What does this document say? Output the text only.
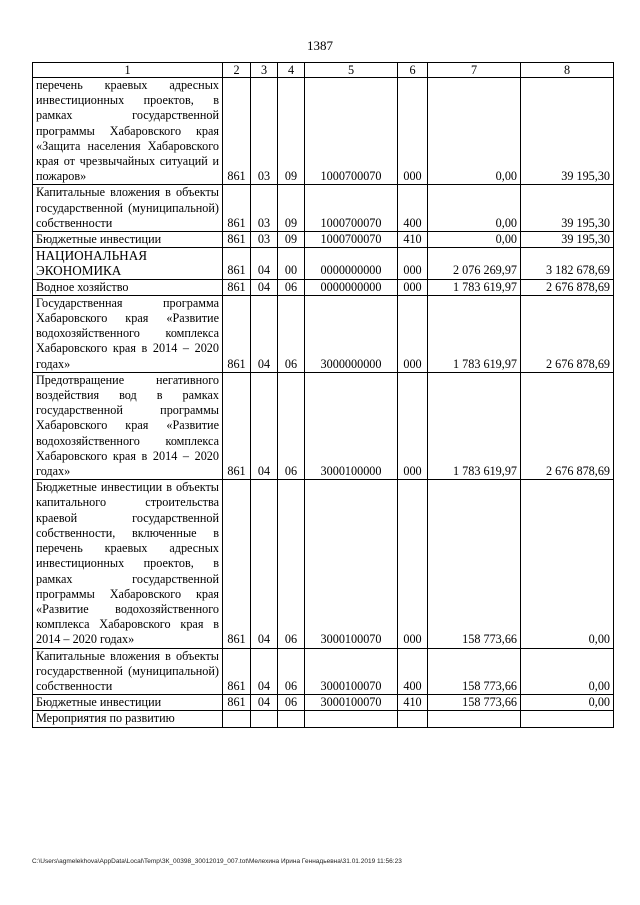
1387
1	2	3	4	5	6	7	8
перечень краевых адресных инвестиционных проектов, в рамках государственной программы Хабаровского края «Защита населения Хабаровского края от чрезвычайных ситуаций и пожаров»	861	03	09	1000700070	000	0,00	39 195,30
Капитальные вложения в объекты государственной (муниципальной) собственности	861	03	09	1000700070	400	0,00	39 195,30
Бюджетные инвестиции	861	03	09	1000700070	410	0,00	39 195,30
НАЦИОНАЛЬНАЯ ЭКОНОМИКА	861	04	00	0000000000	000	2 076 269,97	3 182 678,69
Водное хозяйство	861	04	06	0000000000	000	1 783 619,97	2 676 878,69
Государственная программа Хабаровского края «Развитие водохозяйственного комплекса Хабаровского края в 2014 – 2020 годах»	861	04	06	3000000000	000	1 783 619,97	2 676 878,69
Предотвращение негативного воздействия вод в рамках государственной программы Хабаровского края «Развитие водохозяйственного комплекса Хабаровского края в 2014 – 2020 годах»	861	04	06	3000100000	000	1 783 619,97	2 676 878,69
Бюджетные инвестиции в объекты капитального строительства краевой государственной собственности, включенные в перечень краевых адресных инвестиционных проектов, в рамках государственной программы Хабаровского края «Развитие водохозяйственного комплекса Хабаровского края в 2014 – 2020 годах»	861	04	06	3000100070	000	158 773,66	0,00
Капитальные вложения в объекты государственной (муниципальной) собственности	861	04	06	3000100070	400	158 773,66	0,00
Бюджетные инвестиции	861	04	06	3000100070	410	158 773,66	0,00
Мероприятия по развитию							
C:\Users\agmelekhova\AppData\Local\Temp\ЗК_00398_30012019_007.tot\Мелехина Ирина Геннадьевна\31.01.2019 11:56:23
